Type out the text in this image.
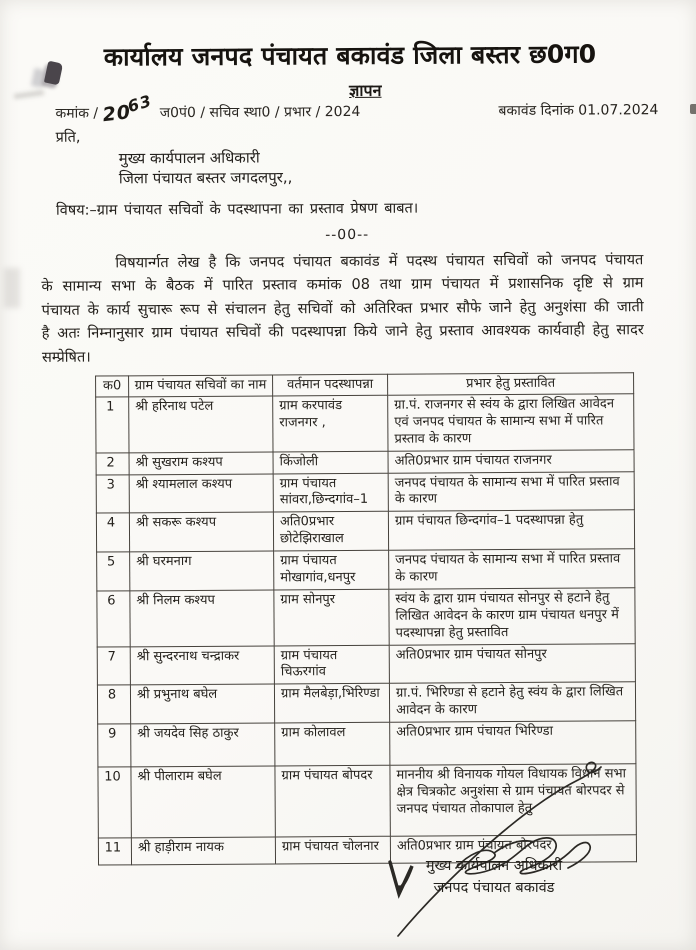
कार्यालय जनपद पंचायत बकावंड जिला बस्तर छ0ग0
ज्ञापन
कमांक / 2063 ज0पं0 / सचिव स्था0 / प्रभार / 2024	बकावंड दिनांक 01.07.2024
प्रति,
मुख्य कार्यपालन अधिकारी
जिला पंचायत बस्तर जगदलपुर,,
विषय:–ग्राम पंचायत सचिवों के पदस्थापना का प्रस्ताव प्रेषण बाबत।
--00--

विषयार्न्गत लेख है कि जनपद पंचायत बकावंड में पदस्थ पंचायत सचिवों को जनपद पंचायत के सामान्य सभा के बैठक में पारित प्रस्ताव कमांक 08 तथा ग्राम पंचायत में प्रशासनिक दृष्टि से ग्राम पंचायत के कार्य सुचारू रूप से संचालन हेतु सचिवों को अतिरिक्त प्रभार सौफे जाने हेतु अनुशंसा की जाती है अतः निम्नानुसार ग्राम पंचायत सचिवों की पदस्थापन्ना किये जाने हेतु प्रस्ताव आवश्यक कार्यवाही हेतु सादर सम्प्रेषित।

क0	ग्राम पंचायत सचिवों का नाम	वर्तमान पदस्थापन्ना	प्रभार हेतु प्रस्तावित
1	श्री हरिनाथ पटेल	ग्राम करपावंड राजनगर ,	ग्रा.पं. राजनगर से स्वंय के द्वारा लिखित आवेदन एवं जनपद पंचायत के सामान्य सभा में पारित प्रस्ताव के कारण
2	श्री सुखराम कश्यप	किंजोली	अति0प्रभार ग्राम पंचायत राजनगर
3	श्री श्यामलाल कश्यप	ग्राम पंचायत सांवरा,छिन्दगांव–1	जनपद पंचायत के सामान्य सभा में पारित प्रस्ताव के कारण
4	श्री सकरू कश्यप	अति0प्रभार छोटेझिराखाल	ग्राम पंचायत छिन्दगांव–1 पदस्थापन्ना हेतु
5	श्री घरमनाग	ग्राम पंचायत मोखागांव,धनपुर	जनपद पंचायत के सामान्य सभा में पारित प्रस्ताव के कारण
6	श्री निलम कश्यप	ग्राम सोनपुर	स्वंय के द्वारा ग्राम पंचायत सोनपुर से हटाने हेतु लिखित आवेदन के कारण ग्राम पंचायत धनपुर में पदस्थापन्ना हेतु प्रस्तावित
7	श्री सुन्दरनाथ चन्द्राकर	ग्राम पंचायत चिऊरगांव	अति0प्रभार ग्राम पंचायत सोनपुर
8	श्री प्रभुनाथ बघेल	ग्राम मैलबेड़ा,भिरिण्डा	ग्रा.पं. भिरिण्डा से हटाने हेतु स्वंय के द्वारा लिखित आवेदन के कारण
9	श्री जयदेव सिह ठाकुर	ग्राम कोलावल	अति0प्रभार ग्राम पंचायत भिरिण्डा
10	श्री पीलाराम बघेल	ग्राम पंचायत बोपदर	माननीय श्री विनायक गोयल विधायक विधान सभा क्षेत्र चित्रकोट अनुशंसा से ग्राम पंचायत बोरपदर से जनपद पंचायत तोकापाल हेतु
11	श्री हाड़ीराम नायक	ग्राम पंचायत चोलनार	अति0प्रभार ग्राम पंचायत बोरपदर
मुख्य कार्यपालन अधिकारी
जनपद पंचायत बकावंड
